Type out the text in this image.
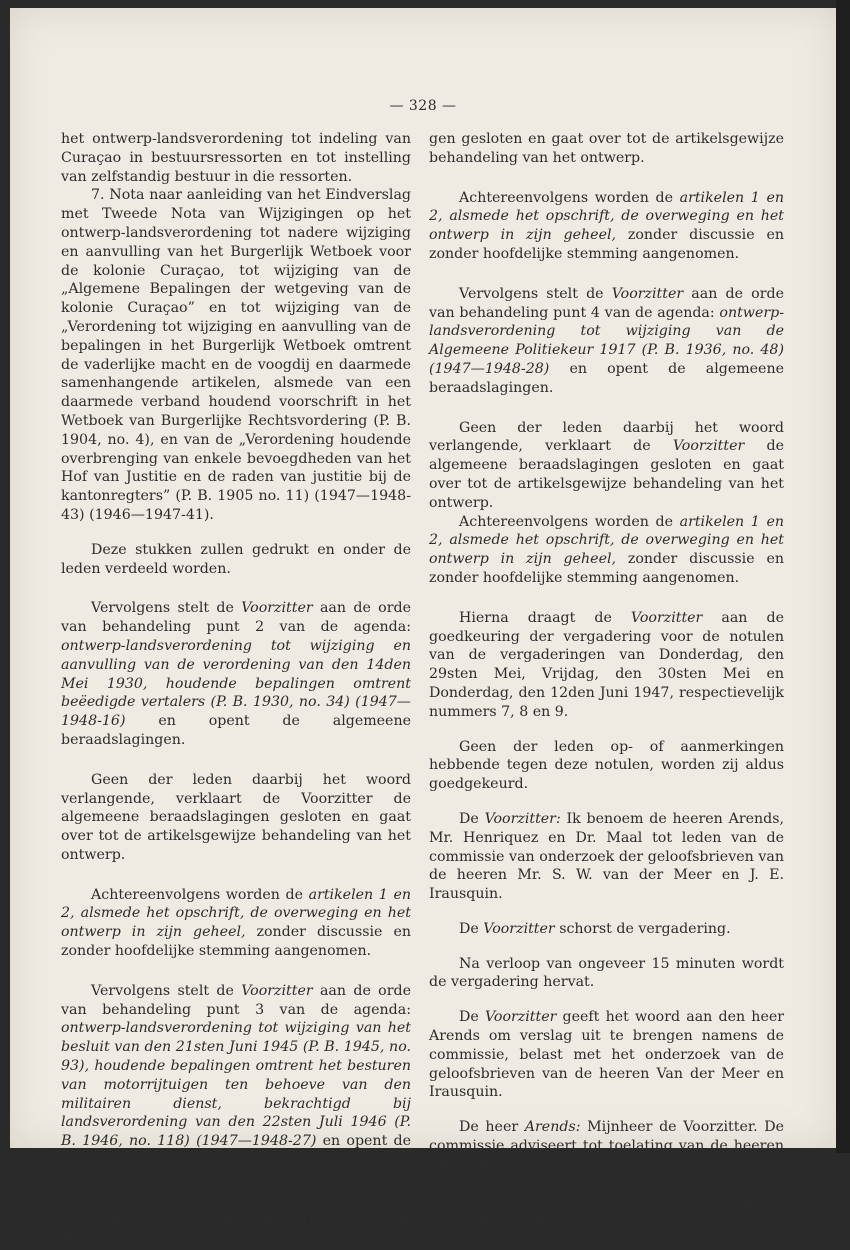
— 328 —

het ontwerp-landsverordening tot indeling van Curaçao in bestuursressorten en tot instelling van zelfstandig bestuur in die ressorten.

7. Nota naar aanleiding van het Eindverslag met Tweede Nota van Wijzigingen op het ontwerp-landsverordening tot nadere wijziging en aanvulling van het Burgerlijk Wetboek voor de kolonie Curaçao, tot wijziging van de „Algemene Bepalingen der wetgeving van de kolonie Curaçao” en tot wijziging van de „Verordening tot wijziging en aanvulling van de bepalingen in het Burgerlijk Wetboek omtrent de vaderlijke macht en de voogdij en daarmede samenhangende artikelen, alsmede van een daarmede verband houdend voorschrift in het Wetboek van Burgerlijke Rechtsvordering (P. B. 1904, no. 4), en van de „Verordening houdende overbrenging van enkele bevoegdheden van het Hof van Justitie en de raden van justitie bij de kantonregters” (P. B. 1905 no. 11) (1947—1948-43) (1946—1947-41).

Deze stukken zullen gedrukt en onder de leden verdeeld worden.

Vervolgens stelt de Voorzitter aan de orde van behandeling punt 2 van de agenda: ontwerp-landsverordening tot wijziging en aanvulling van de verordening van den 14den Mei 1930, houdende bepalingen omtrent beëedigde vertalers (P. B. 1930, no. 34) (1947—1948-16) en opent de algemeene beraadslagingen.

Geen der leden daarbij het woord verlangende, verklaart de Voorzitter de algemeene beraadslagingen gesloten en gaat over tot de artikelsgewijze behandeling van het ontwerp.

Achtereenvolgens worden de artikelen 1 en 2, alsmede het opschrift, de overweging en het ontwerp in zijn geheel, zonder discussie en zonder hoofdelijke stemming aangenomen.

Vervolgens stelt de Voorzitter aan de orde van behandeling punt 3 van de agenda: ontwerp-landsverordening tot wijziging van het besluit van den 21sten Juni 1945 (P. B. 1945, no. 93), houdende bepalingen omtrent het besturen van motorrijtuigen ten behoeve van den militairen dienst, bekrachtigd bij landsverordening van den 22sten Juli 1946 (P. B. 1946, no. 118) (1947—1948-27) en opent de algemeene beraadslagingen.

Geen der leden daarbij het woord verlangende, verklaart de Voorzitter de algemeene beraadslagin-

gen gesloten en gaat over tot de artikelsgewijze behandeling van het ontwerp.

Achtereenvolgens worden de artikelen 1 en 2, alsmede het opschrift, de overweging en het ontwerp in zijn geheel, zonder discussie en zonder hoofdelijke stemming aangenomen.

Vervolgens stelt de Voorzitter aan de orde van behandeling punt 4 van de agenda: ontwerp-landsverordening tot wijziging van de Algemeene Politiekeur 1917 (P. B. 1936, no. 48) (1947—1948-28) en opent de algemeene beraadslagingen.

Geen der leden daarbij het woord verlangende, verklaart de Voorzitter de algemeene beraadslagingen gesloten en gaat over tot de artikelsgewijze behandeling van het ontwerp.

Achtereenvolgens worden de artikelen 1 en 2, alsmede het opschrift, de overweging en het ontwerp in zijn geheel, zonder discussie en zonder hoofdelijke stemming aangenomen.

Hierna draagt de Voorzitter aan de goedkeuring der vergadering voor de notulen van de vergaderingen van Donderdag, den 29sten Mei, Vrijdag, den 30sten Mei en Donderdag, den 12den Juni 1947, respectievelijk nummers 7, 8 en 9.

Geen der leden op- of aanmerkingen hebbende tegen deze notulen, worden zij aldus goedgekeurd.

De Voorzitter: Ik benoem de heeren Arends, Mr. Henriquez en Dr. Maal tot leden van de commissie van onderzoek der geloofsbrieven van de heeren Mr. S. W. van der Meer en J. E. Irausquin.

De Voorzitter schorst de vergadering.

Na verloop van ongeveer 15 minuten wordt de vergadering hervat.

De Voorzitter geeft het woord aan den heer Arends om verslag uit te brengen namens de commissie, belast met het onderzoek van de geloofsbrieven van de heeren Van der Meer en Irausquin.

De heer Arends: Mijnheer de Voorzitter. De commissie adviseert tot toelating van de heeren Mr. S. W. van der Meer en J. E. Irausquin, nadat zij den bij de Staatsregeling voorgeschreven eed (verklaring of belofte) zullen hebben afgelegd en tot nederlegging van de geloofsbrieven ter griffie der Staten, ter inzage van de leden.
